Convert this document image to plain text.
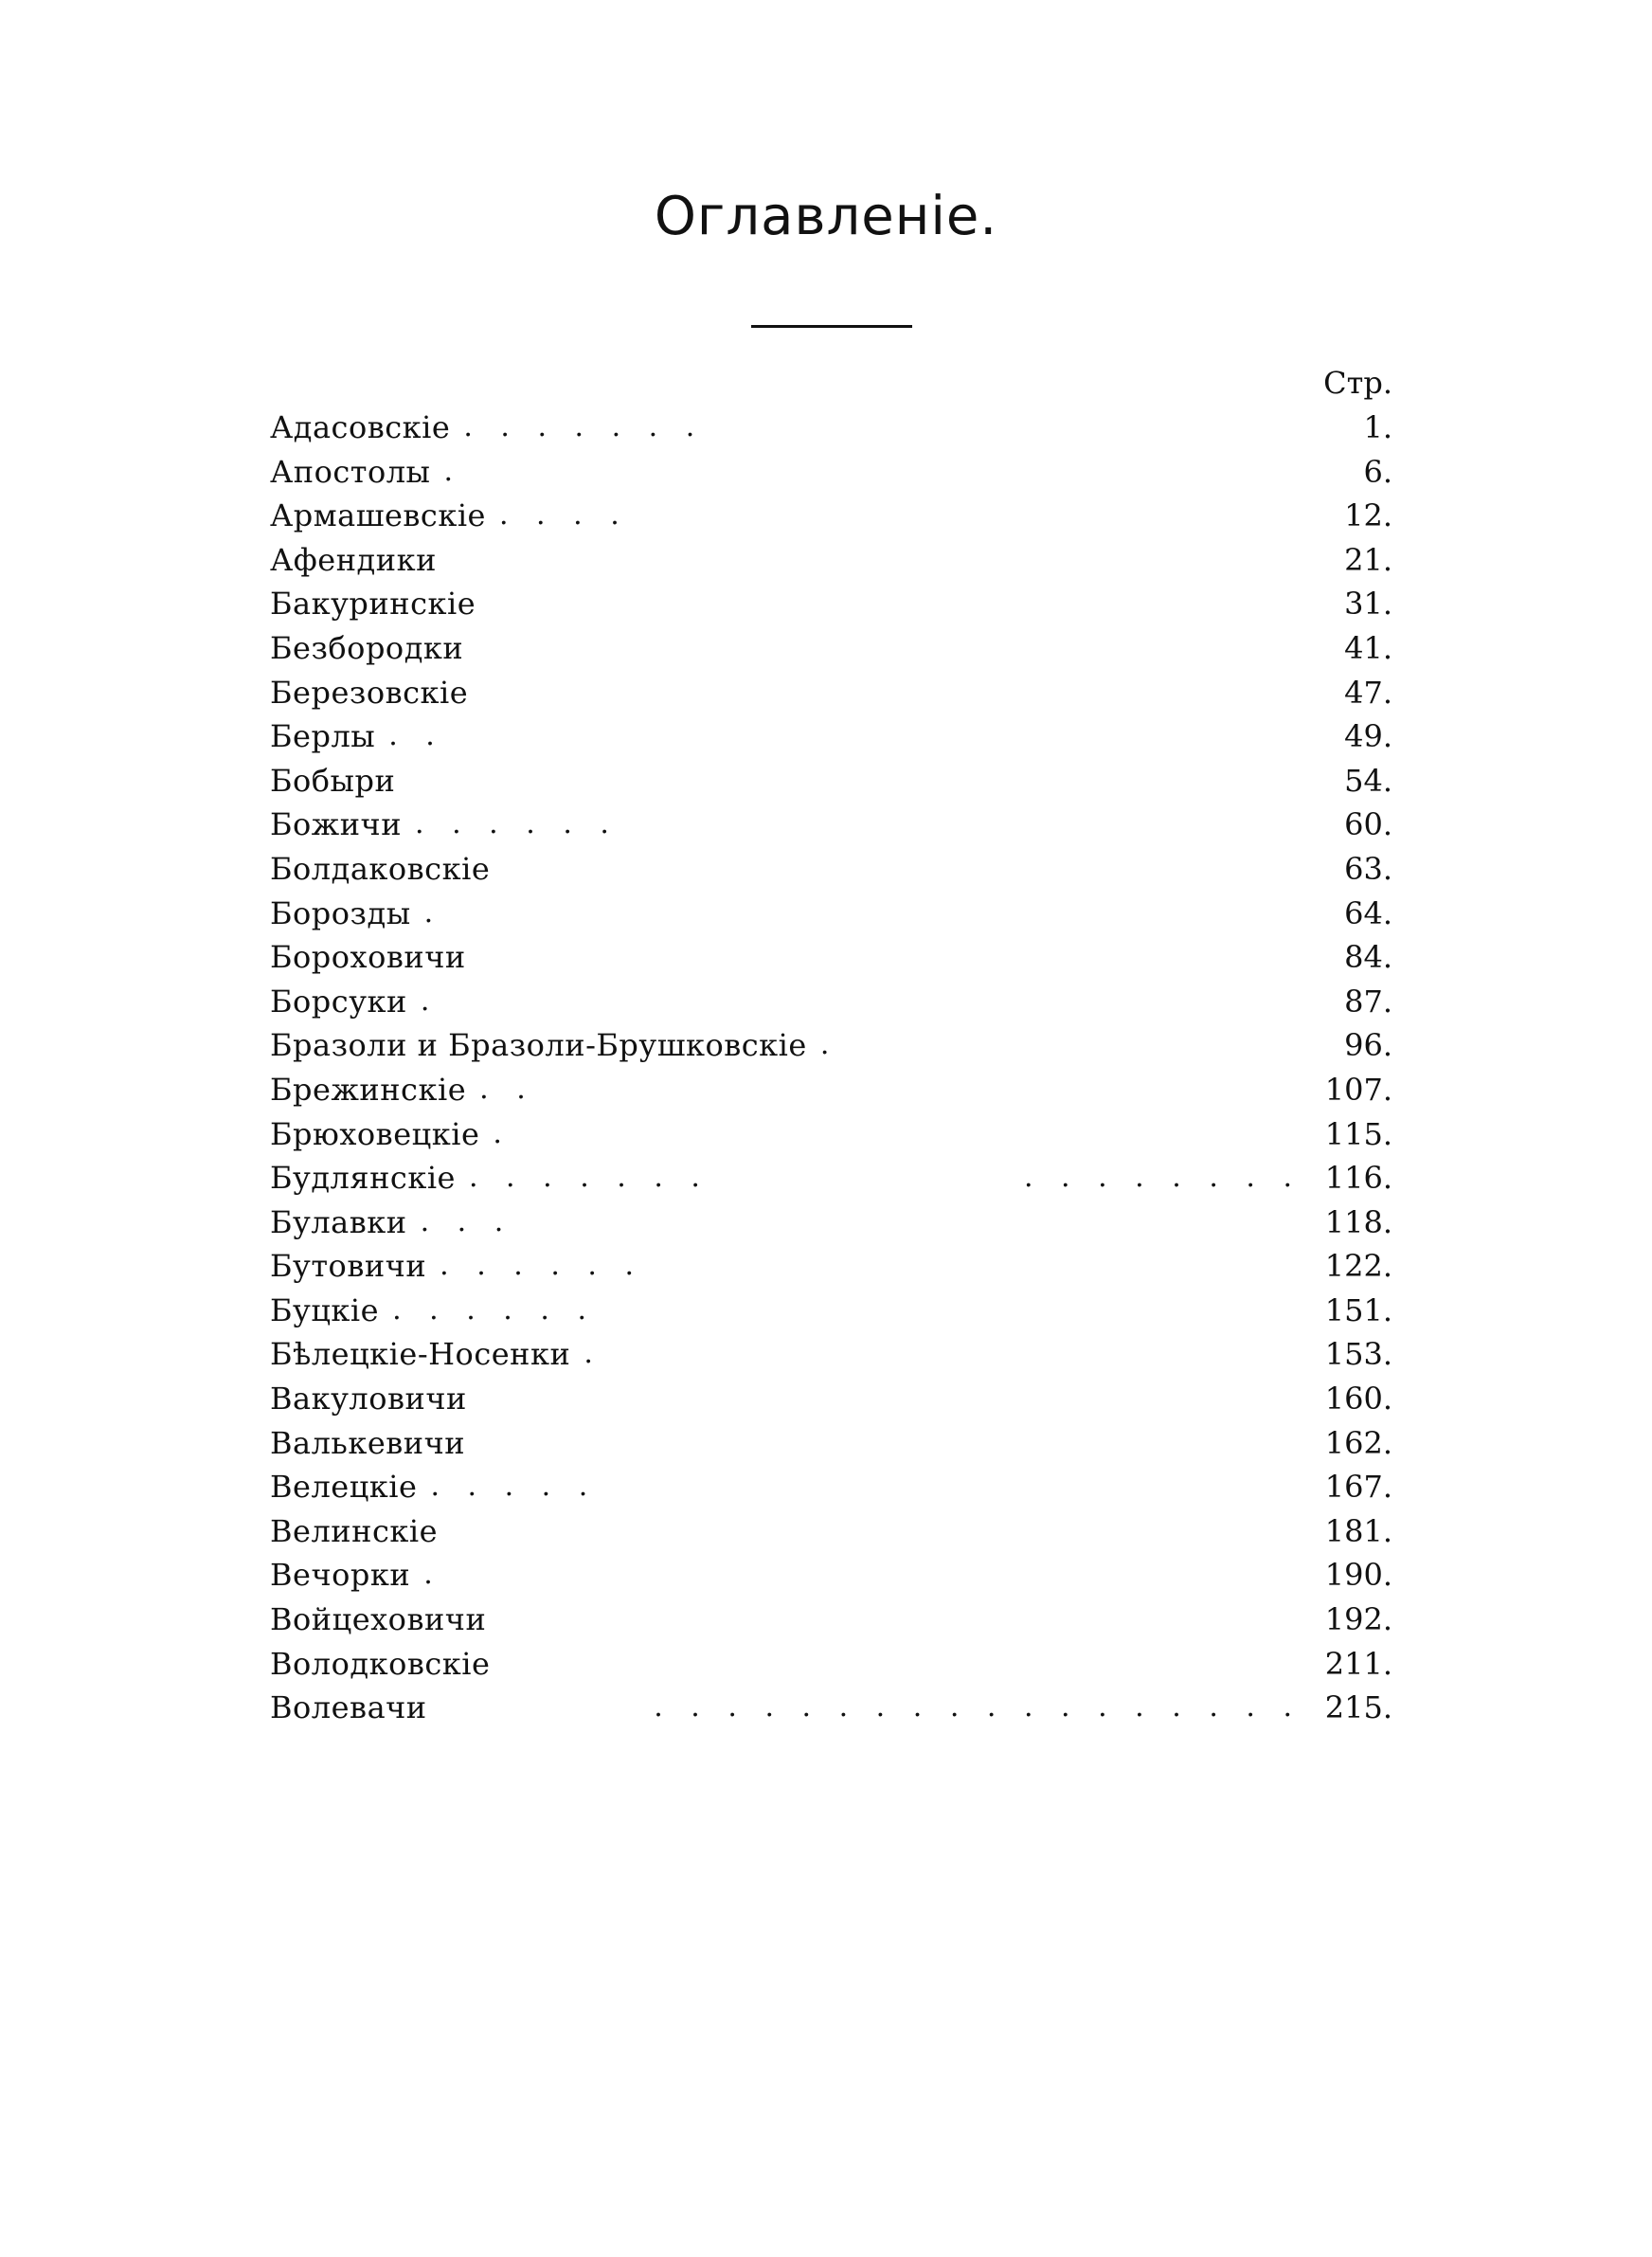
Оглавленіе.
Стр.
Адасовскіе . . . . . . .	1.
Апостолы .	6.
Армашевскіе . . . .	12.
Афендики	21.
Бакуринскіе	31.
Безбородки	41.
Березовскіе	47.
Берлы . .	49.
Бобыри	54.
Божичи . . . . . .	60.
Болдаковскіе	63.
Борозды .	64.
Бороховичи	84.
Борсуки .	87.
Бразоли и Бразоли-Брушковскіе .	96.
Брежинскіе . .	107.
Брюховецкіе .	115.
Будлянскіе . . . . . . .	. . . . . . . . 116.
Булавки . . .	118.
Бутовичи . . . . . .	122.
Буцкіе . . . . . .	151.
Бѣлецкіе-Носенки .	153.
Вакуловичи	160.
Валькевичи	162.
Велецкіе . . . . .	167.
Велинскіе	181.
Вечорки .	190.
Войцеховичи	192.
Володковскіе	211.
Волевачи	. . . . . . . . . . . . . . . . . . 215.
